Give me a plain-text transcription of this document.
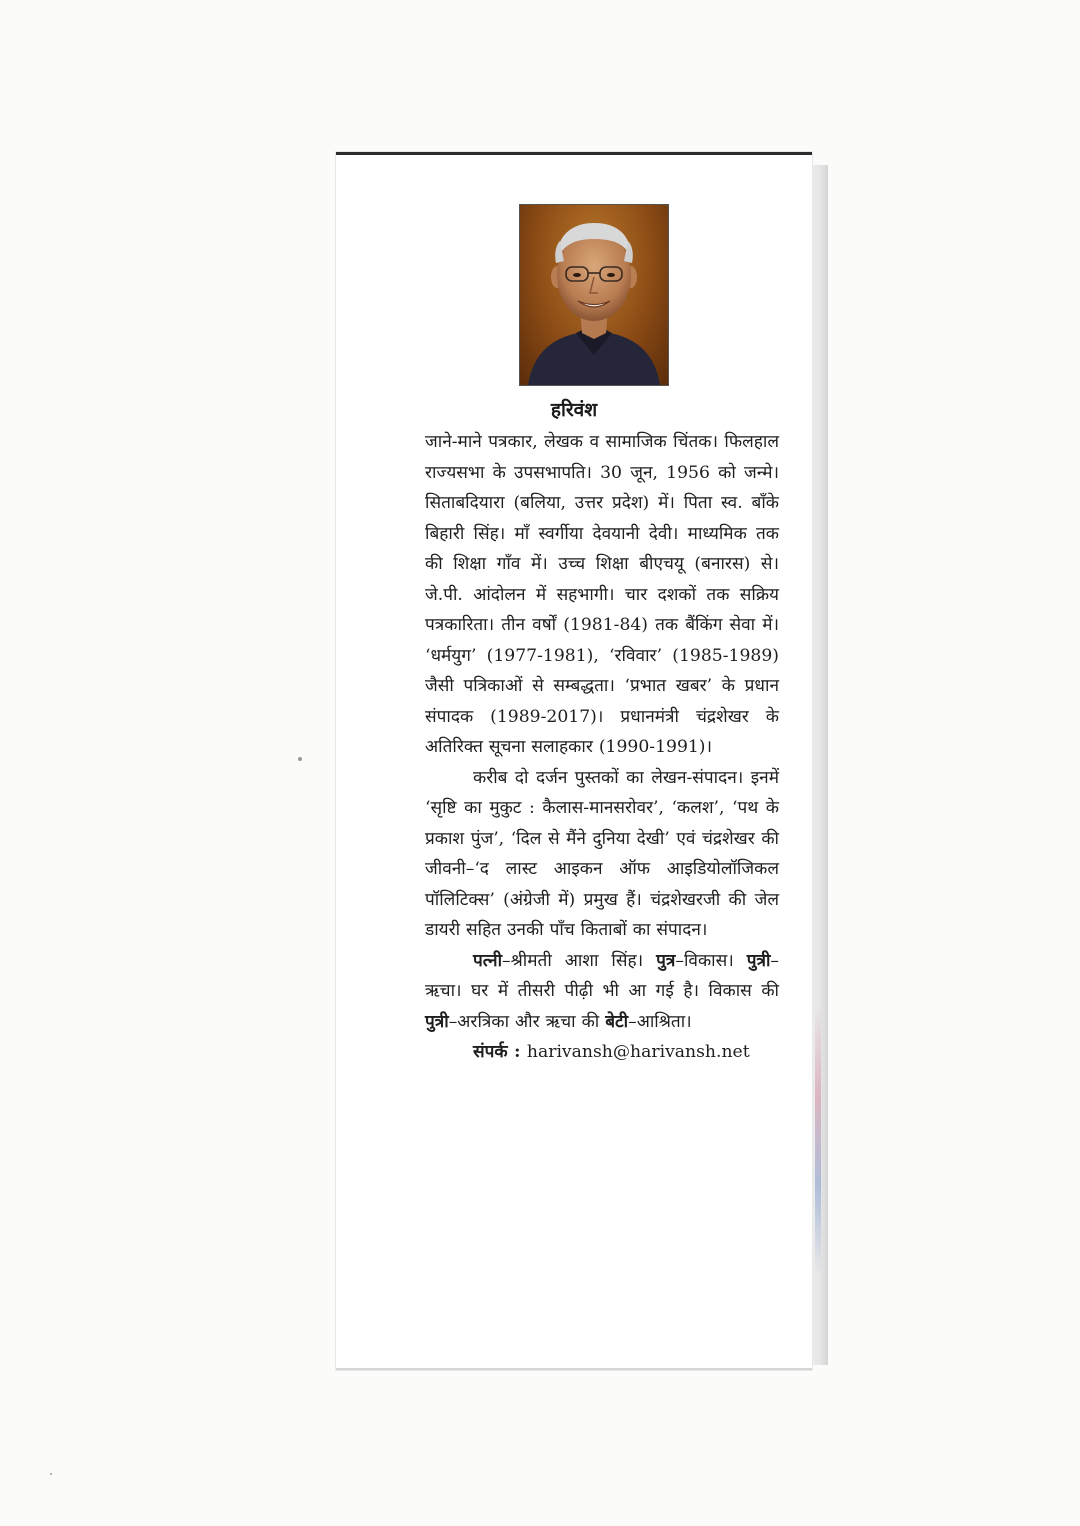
हरिवंश

जाने-माने पत्रकार, लेखक व सामाजिक चिंतक। फिलहाल राज्यसभा के उपसभापति। 30 जून, 1956 को जन्मे। सिताबदियारा (बलिया, उत्तर प्रदेश) में। पिता स्व. बाँके बिहारी सिंह। माँ स्वर्गीया देवयानी देवी। माध्यमिक तक की शिक्षा गाँव में। उच्च शिक्षा बीएचयू (बनारस) से। जे.पी. आंदोलन में सहभागी। चार दशकों तक सक्रिय पत्रकारिता। तीन वर्षों (1981-84) तक बैंकिंग सेवा में। ‘धर्मयुग’ (1977-1981), ‘रविवार’ (1985-1989) जैसी पत्रिकाओं से सम्बद्धता। ‘प्रभात खबर’ के प्रधान संपादक (1989-2017)। प्रधानमंत्री चंद्रशेखर के अतिरिक्त सूचना सलाहकार (1990-1991)।

करीब दो दर्जन पुस्तकों का लेखन-संपादन। इनमें ‘सृष्टि का मुकुट : कैलास-मानसरोवर’, ‘कलश’, ‘पथ के प्रकाश पुंज’, ‘दिल से मैंने दुनिया देखी’ एवं चंद्रशेखर की जीवनी–‘द लास्ट आइकन ऑफ आइडियोलॉजिकल पॉलिटिक्स’ (अंग्रेजी में) प्रमुख हैं। चंद्रशेखरजी की जेल डायरी सहित उनकी पाँच किताबों का संपादन।

पत्नी–श्रीमती आशा सिंह। पुत्र–विकास। पुत्री–ऋचा। घर में तीसरी पीढ़ी भी आ गई है। विकास की पुत्री–अरत्रिका और ऋचा की बेटी–आश्रिता।

संपर्क : harivansh@harivansh.net
